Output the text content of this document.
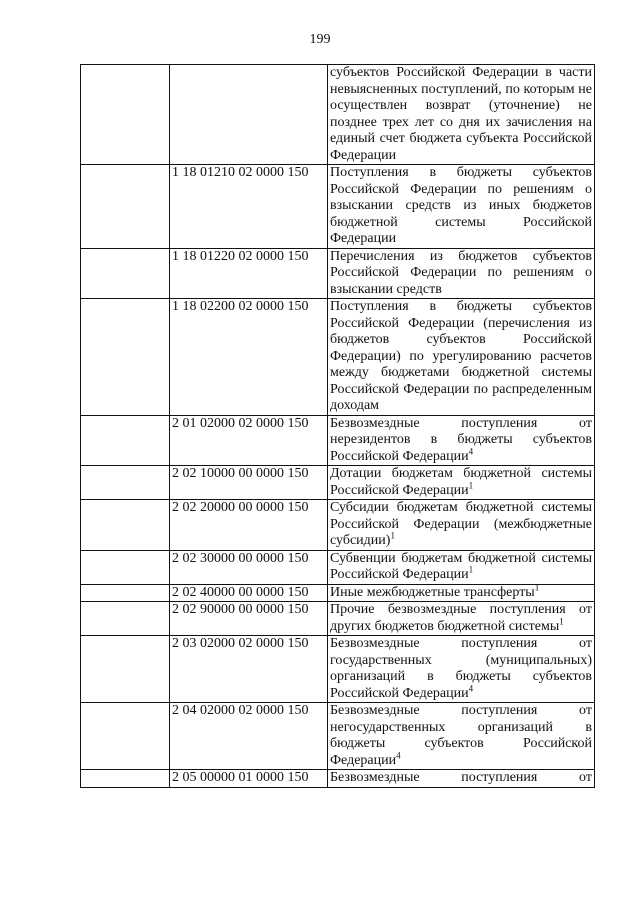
199
		субъектов Российской Федерации в части невыясненных поступлений, по которым не осуществлен возврат (уточнение) не позднее трех лет со дня их зачисления на единый счет бюджета субъекта Российской Федерации
	1 18 01210 02 0000 150	Поступления в бюджеты субъектов Российской Федерации по решениям о взыскании средств из иных бюджетов бюджетной системы Российской Федерации
	1 18 01220 02 0000 150	Перечисления из бюджетов субъектов Российской Федерации по решениям о взыскании средств
	1 18 02200 02 0000 150	Поступления в бюджеты субъектов Российской Федерации (перечисления из бюджетов субъектов Российской Федерации) по урегулированию расчетов между бюджетами бюджетной системы Российской Федерации по распределенным доходам
	2 01 02000 02 0000 150	Безвозмездные поступления от нерезидентов в бюджеты субъектов Российской Федерации$^4$
	2 02 10000 00 0000 150	Дотации бюджетам бюджетной системы Российской Федерации$^1$
	2 02 20000 00 0000 150	Субсидии бюджетам бюджетной системы Российской Федерации (межбюджетные субсидии)$^1$
	2 02 30000 00 0000 150	Субвенции бюджетам бюджетной системы Российской Федерации$^1$
	2 02 40000 00 0000 150	Иные межбюджетные трансферты$^1$
	2 02 90000 00 0000 150	Прочие безвозмездные поступления от других бюджетов бюджетной системы$^1$
	2 03 02000 02 0000 150	Безвозмездные поступления от государственных (муниципальных) организаций в бюджеты субъектов Российской Федерации$^4$
	2 04 02000 02 0000 150	Безвозмездные поступления от негосударственных организаций в бюджеты субъектов Российской Федерации$^4$
	2 05 00000 01 0000 150	Безвозмездные поступления от
